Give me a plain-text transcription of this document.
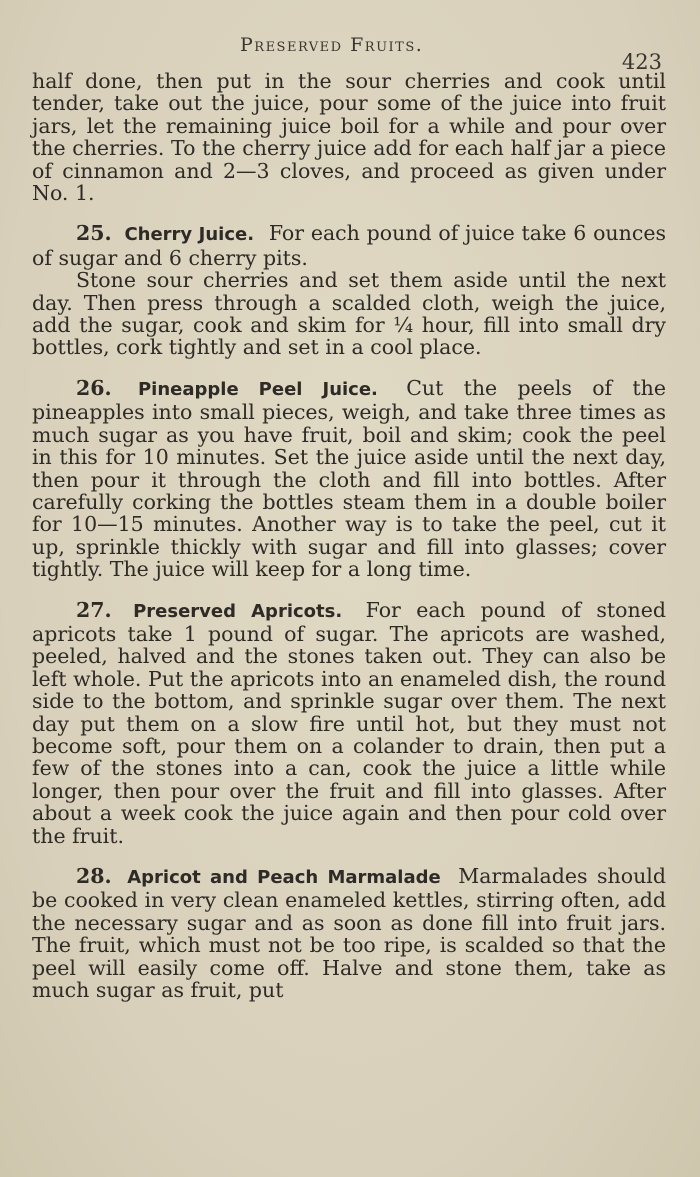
Preserved Fruits.
423

half done, then put in the sour cherries and cook until tender, take out the juice, pour some of the juice into fruit jars, let the remaining juice boil for a while and pour over the cherries. To the cherry juice add for each half jar a piece of cinnamon and 2—3 cloves, and proceed as given under No. 1.

25. Cherry Juice. For each pound of juice take 6 ounces of sugar and 6 cherry pits.

Stone sour cherries and set them aside until the next day. Then press through a scalded cloth, weigh the juice, add the sugar, cook and skim for ¼ hour, fill into small dry bottles, cork tightly and set in a cool place.

26. Pineapple Peel Juice. Cut the peels of the pineapples into small pieces, weigh, and take three times as much sugar as you have fruit, boil and skim; cook the peel in this for 10 minutes. Set the juice aside until the next day, then pour it through the cloth and fill into bottles. After carefully corking the bottles steam them in a double boiler for 10—15 minutes. Another way is to take the peel, cut it up, sprinkle thickly with sugar and fill into glasses; cover tightly. The juice will keep for a long time.

27. Preserved Apricots. For each pound of stoned apricots take 1 pound of sugar. The apricots are washed, peeled, halved and the stones taken out. They can also be left whole. Put the apricots into an enameled dish, the round side to the bottom, and sprinkle sugar over them. The next day put them on a slow fire until hot, but they must not become soft, pour them on a colander to drain, then put a few of the stones into a can, cook the juice a little while longer, then pour over the fruit and fill into glasses. After about a week cook the juice again and then pour cold over the fruit.

28. Apricot and Peach Marmalade Marmalades should be cooked in very clean enameled kettles, stirring often, add the necessary sugar and as soon as done fill into fruit jars. The fruit, which must not be too ripe, is scalded so that the peel will easily come off. Halve and stone them, take as much sugar as fruit, put
